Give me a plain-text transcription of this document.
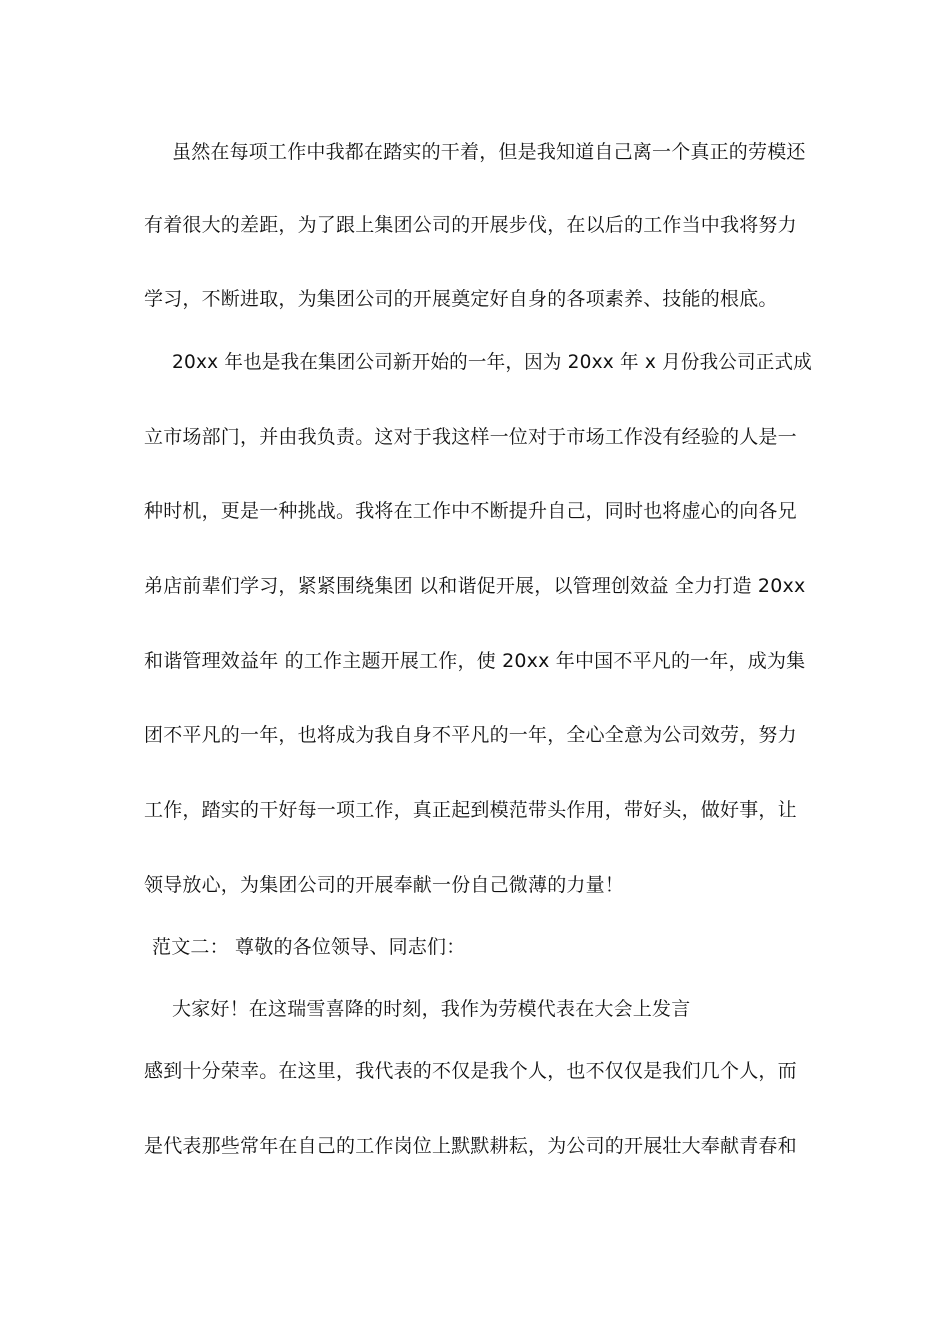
虽然在每项工作中我都在踏实的干着，但是我知道自己离一个真正的劳模还
有着很大的差距，为了跟上集团公司的开展步伐，在以后的工作当中我将努力
学习，不断进取，为集团公司的开展奠定好自身的各项素养、技能的根底。
20xx 年也是我在集团公司新开始的一年，因为 20xx 年 x 月份我公司正式成
立市场部门，并由我负责。这对于我这样一位对于市场工作没有经验的人是一
种时机，更是一种挑战。我将在工作中不断提升自己，同时也将虚心的向各兄
弟店前辈们学习，紧紧围绕集团 以和谐促开展，以管理创效益 全力打造 20xx
和谐管理效益年 的工作主题开展工作，使 20xx 年中国不平凡的一年，成为集
团不平凡的一年，也将成为我自身不平凡的一年，全心全意为公司效劳，努力
工作，踏实的干好每一项工作，真正起到模范带头作用，带好头，做好事，让
领导放心，为集团公司的开展奉献一份自己微薄的力量！
范文二： 尊敬的各位领导、同志们：
大家好！在这瑞雪喜降的时刻，我作为劳模代表在大会上发言
感到十分荣幸。在这里，我代表的不仅是我个人，也不仅仅是我们几个人，而
是代表那些常年在自己的工作岗位上默默耕耘，为公司的开展壮大奉献青春和
